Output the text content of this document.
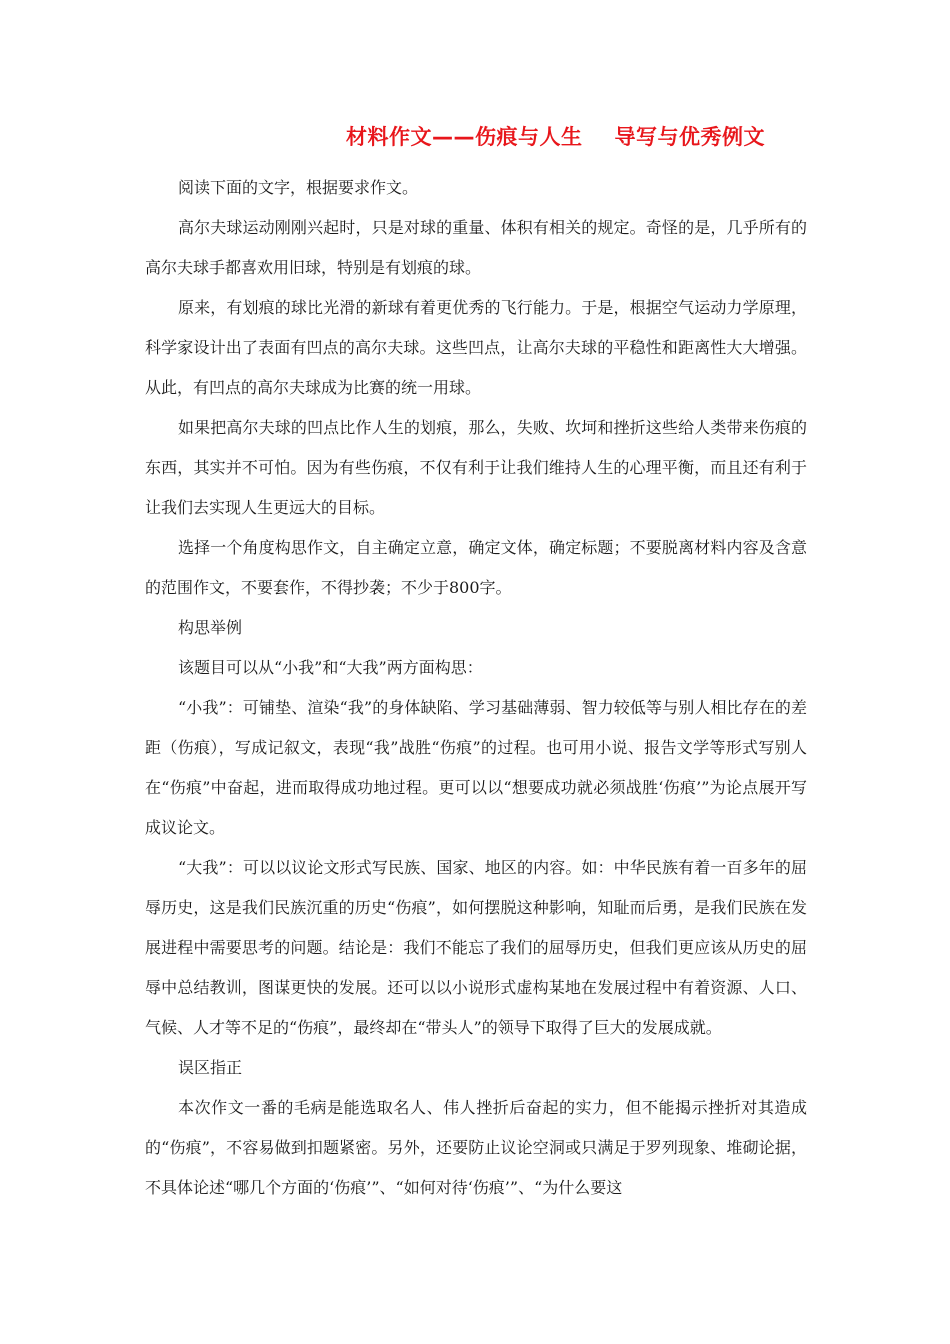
材料作文——伤痕与人生 导写与优秀例文

阅读下面的文字，根据要求作文。

高尔夫球运动刚刚兴起时，只是对球的重量、体积有相关的规定。奇怪的是，几乎所有的高尔夫球手都喜欢用旧球，特别是有划痕的球。

原来，有划痕的球比光滑的新球有着更优秀的飞行能力。于是，根据空气运动力学原理，科学家设计出了表面有凹点的高尔夫球。这些凹点，让高尔夫球的平稳性和距离性大大增强。从此，有凹点的高尔夫球成为比赛的统一用球。

如果把高尔夫球的凹点比作人生的划痕，那么，失败、坎坷和挫折这些给人类带来伤痕的东西，其实并不可怕。因为有些伤痕，不仅有利于让我们维持人生的心理平衡，而且还有利于让我们去实现人生更远大的目标。

选择一个角度构思作文，自主确定立意，确定文体，确定标题；不要脱离材料内容及含意的范围作文，不要套作，不得抄袭；不少于800字。

构思举例

该题目可以从“小我”和“大我”两方面构思：

“小我”：可铺垫、渲染“我”的身体缺陷、学习基础薄弱、智力较低等与别人相比存在的差距（伤痕），写成记叙文，表现“我”战胜“伤痕”的过程。也可用小说、报告文学等形式写别人在“伤痕”中奋起，进而取得成功地过程。更可以以“想要成功就必须战胜‘伤痕’”为论点展开写成议论文。

“大我”：可以以议论文形式写民族、国家、地区的内容。如：中华民族有着一百多年的屈辱历史，这是我们民族沉重的历史“伤痕”，如何摆脱这种影响，知耻而后勇，是我们民族在发展进程中需要思考的问题。结论是：我们不能忘了我们的屈辱历史，但我们更应该从历史的屈辱中总结教训，图谋更快的发展。还可以以小说形式虚构某地在发展过程中有着资源、人口、气候、人才等不足的“伤痕”，最终却在“带头人”的领导下取得了巨大的发展成就。

误区指正

本次作文一番的毛病是能选取名人、伟人挫折后奋起的实力，但不能揭示挫折对其造成的“伤痕”，不容易做到扣题紧密。另外，还要防止议论空洞或只满足于罗列现象、堆砌论据，不具体论述“哪几个方面的‘伤痕’”、“如何对待‘伤痕’”、“为什么要这
